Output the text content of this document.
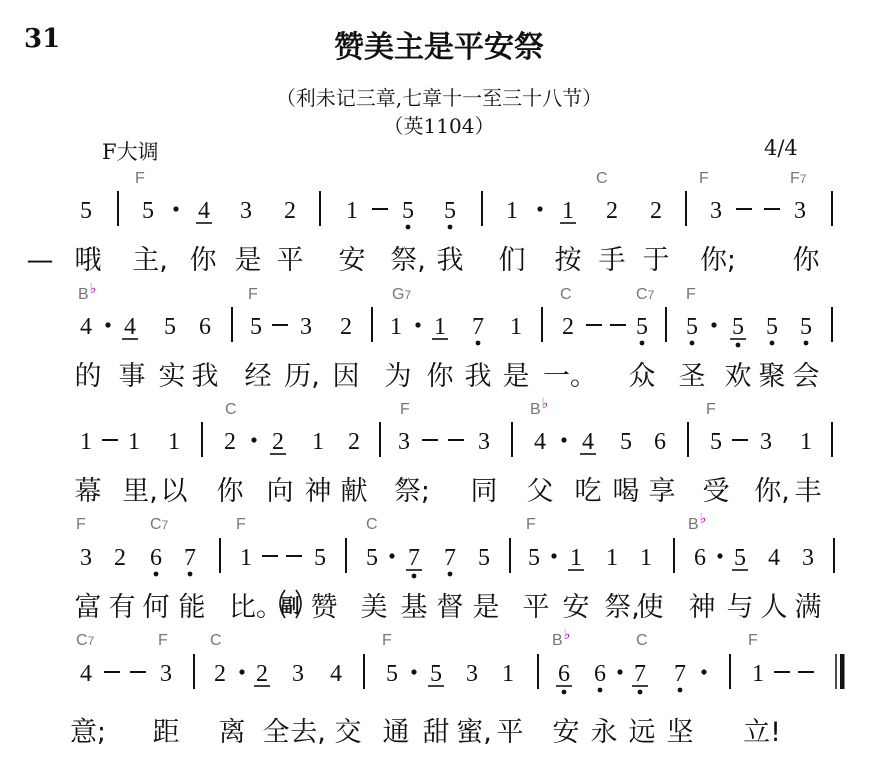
31	赞美主是平安祭
（利未记三章,七章十一至三十八节）
（英1104）
F大调	4/4
F	C	F	F7
5 5 4 3 2 1 5 5 1 1 2 2 3	3
— 哦 主, 你 是 平 安 祭, 我 们 按 手 于 你; 你
B♭	F	G7	C	C7 F
4 4 5 6 5 3 2 1 1 7 1 2	5 5 5 5 5
的 事 实 我 经 历, 因 为 你 我 是 一。 众 圣 欢 聚 会
C	F	B♭	F
1 1 1 2 2 1 2 3	3 4 4 5 6 5 3 1
幕 里, 以 你 向 神 献 祭; 同 父 吃 喝 享 受 你, 丰
F	C7	F	C	F	B♭
3 2 6 7 1	5 5 7 7 5 5 1 1 1 6 5 4 3
富 有 何 能 比。 赞 美 基 督 是 平 安 祭,
使 神 与 人 满
副
C7	F	C	F	B♭	C	F
4	3 2 2 3 4 5 5 3 1 6 6 7 7	1
意; 距 离 全 去, 交 通 甜 蜜, 平 安 永 远 坚 立!
